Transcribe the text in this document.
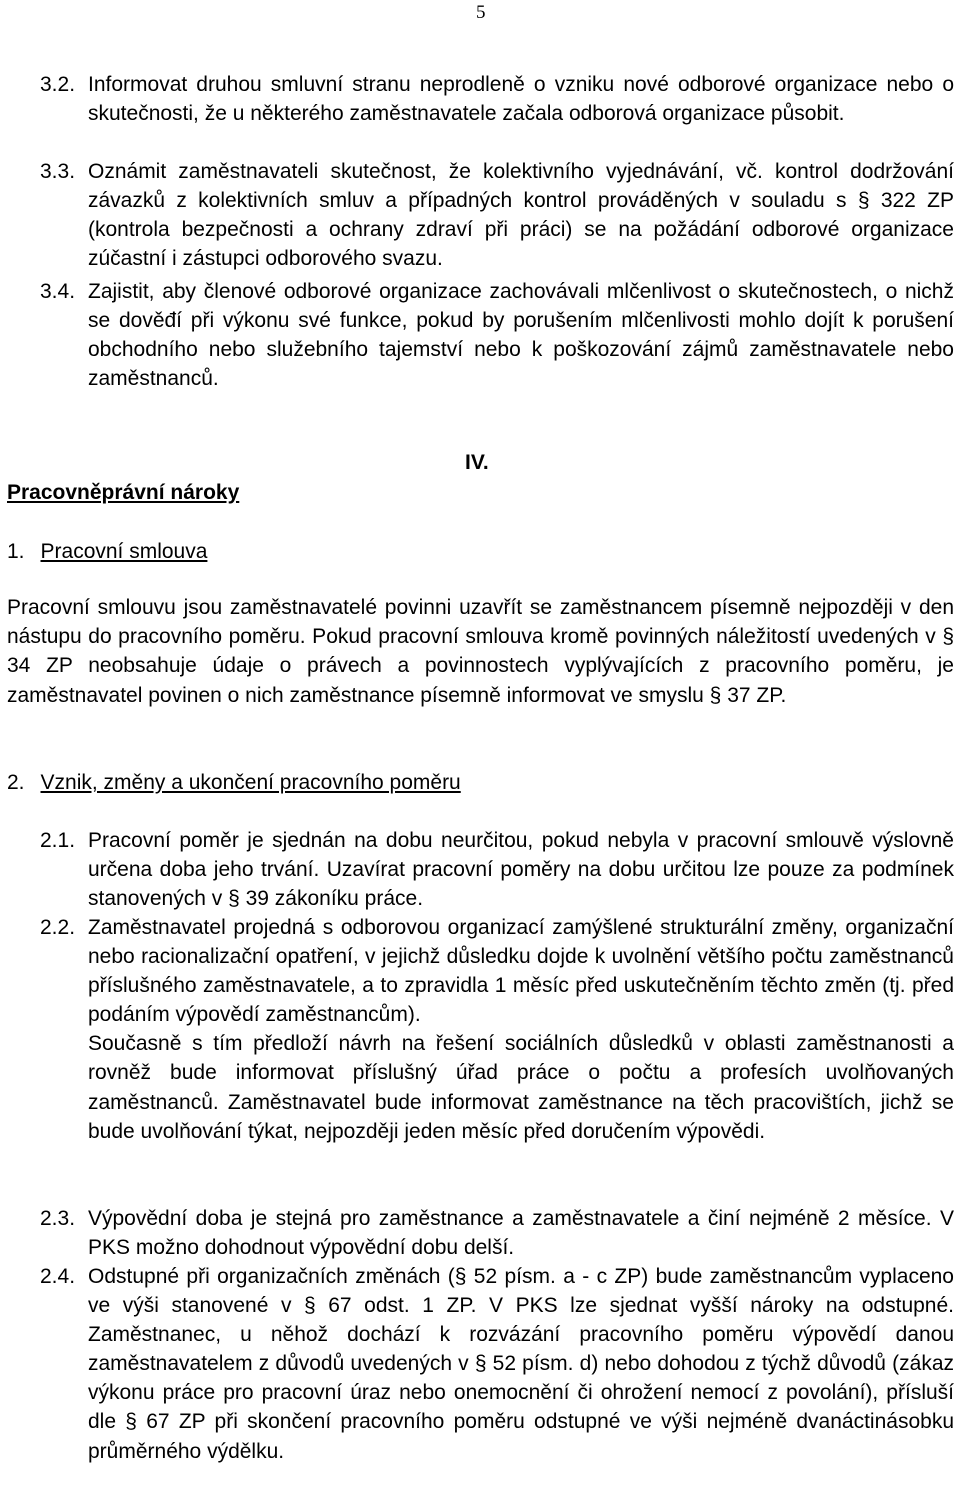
5
3.2. Informovat druhou smluvní stranu neprodleně o vzniku nové odborové organizace nebo o skutečnosti, že u některého zaměstnavatele začala odborová organizace působit.
3.3. Oznámit zaměstnavateli skutečnost, že kolektivního vyjednávání, vč. kontrol dodržování závazků z kolektivních smluv a případných kontrol prováděných v souladu s § 322 ZP (kontrola bezpečnosti a ochrany zdraví při práci) se na požádání odborové organizace zúčastní i zástupci odborového svazu.
3.4. Zajistit, aby členové odborové organizace zachovávali mlčenlivost o skutečnostech, o nichž se dověđí při výkonu své funkce, pokud by porušením mlčenlivosti mohlo dojít k porušení obchodního nebo služebního tajemství nebo k poškozování zájmů zaměstnavatele nebo zaměstnanců.
IV.
Pracovněprávní nároky
1. Pracovní smlouva
Pracovní smlouvu jsou zaměstnavatelé povinni uzavřít se zaměstnancem písemně nejpozději v den nástupu do pracovního poměru. Pokud pracovní smlouva kromě povinných náležitostí uvedených v § 34 ZP neobsahuje údaje o právech a povinnostech vyplývajících z pracovního poměru, je zaměstnavatel povinen o nich zaměstnance písemně informovat ve smyslu § 37 ZP.
2. Vznik, změny a ukončení pracovního poměru
2.1. Pracovní poměr je sjednán na dobu neurčitou, pokud nebyla v pracovní smlouvě výslovně určena doba jeho trvání. Uzavírat pracovní poměry na dobu určitou lze pouze za podmínek stanovených v § 39 zákoníku práce.
2.2. Zaměstnavatel projedná s odborovou organizací zamýšlené strukturální změny, organizační nebo racionalizační opatření, v jejichž důsledku dojde k uvolnění většího počtu zaměstnanců příslušného zaměstnavatele, a to zpravidla 1 měsíc před uskutečněním těchto změn (tj. před podáním výpovědí zaměstnancům).
Současně s tím předloží návrh na řešení sociálních důsledků v oblasti zaměstnanosti a rovněž bude informovat příslušný úřad práce o počtu a profesích uvolňovaných zaměstnanců. Zaměstnavatel bude informovat zaměstnance na těch pracovištích, jichž se bude uvolňování týkat, nejpozději jeden měsíc před doručením výpovědi.
2.3. Výpovědní doba je stejná pro zaměstnance a zaměstnavatele a činí nejméně 2 měsíce. V PKS možno dohodnout výpovědní dobu delší.
2.4. Odstupné při organizačních změnách (§ 52 písm. a - c ZP) bude zaměstnancům vyplaceno ve výši stanovené v § 67 odst. 1 ZP. V PKS lze sjednat vyšší nároky na odstupné. Zaměstnanec, u něhož dochází k rozvázání pracovního poměru výpovědí danou zaměstnavatelem z důvodů uvedených v § 52 písm. d) nebo dohodou z týchž důvodů (zákaz výkonu práce pro pracovní úraz nebo onemocnění či ohrožení nemocí z povolání), přísluší dle § 67 ZP při skončení pracovního poměru odstupné ve výši nejméně dvanáctinásobku průměrného výdělku.
